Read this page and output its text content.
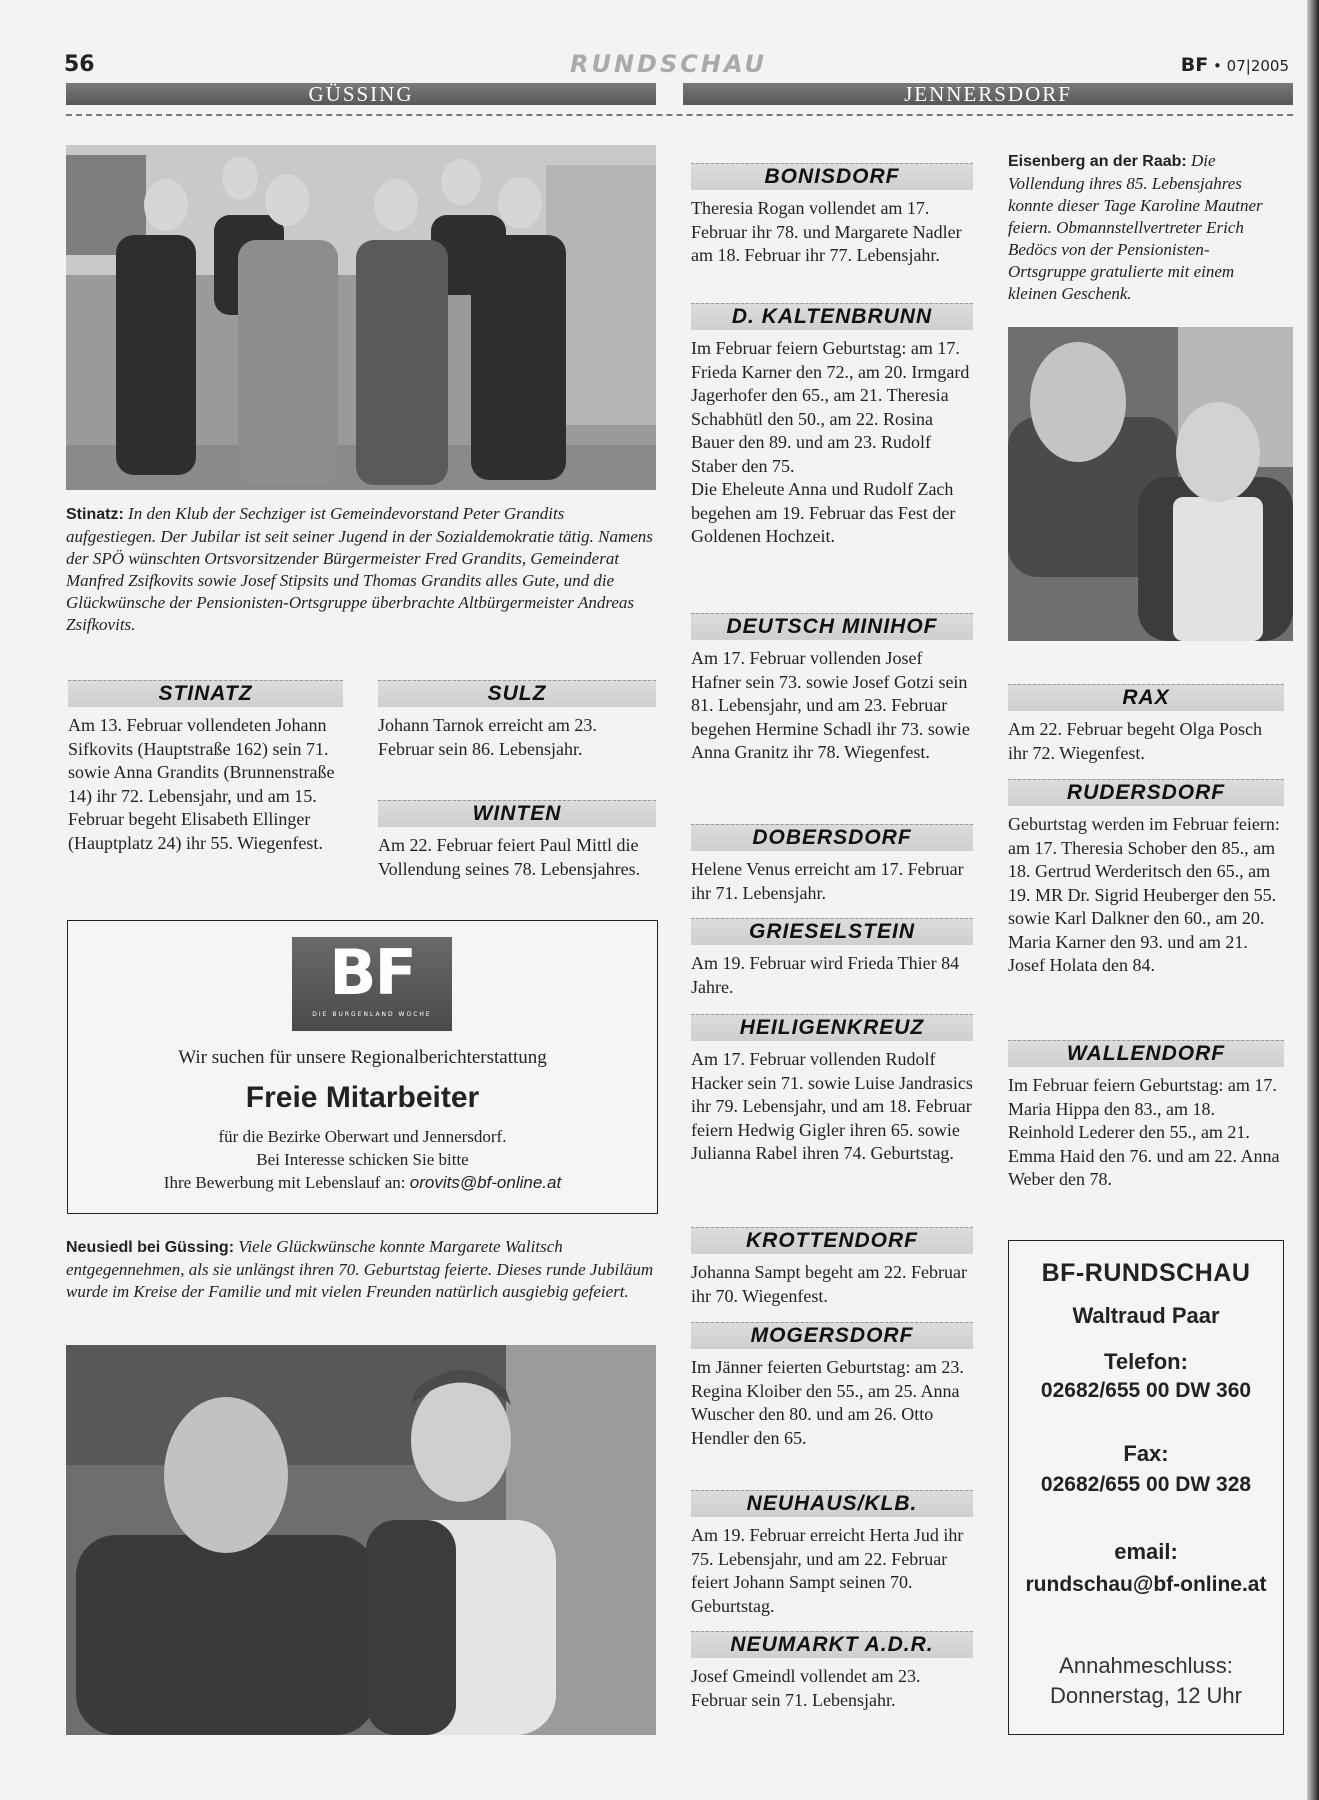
56	RUNDSCHAU	BF • 07|2005
GÜSSING	JENNERSDORF
Stinatz: In den Klub der Sechziger ist Gemeindevorstand Peter Grandits aufgestiegen. Der Jubilar ist seit seiner Jugend in der Sozialdemokratie tätig. Namens der SPÖ wünschten Ortsvorsitzender Bürgermeister Fred Grandits, Gemeinderat Manfred Zsifkovits sowie Josef Stipsits und Thomas Grandits alles Gute, und die Glückwünsche der Pensionisten-Ortsgruppe überbrachte Altbürgermeister Andreas Zsifkovits.
STINATZ
Am 13. Februar vollendeten Johann Sifkovits (Hauptstraße 162) sein 71. sowie Anna Grandits (Brunnenstraße 14) ihr 72. Lebensjahr, und am 15. Februar begeht Elisabeth Ellinger (Hauptplatz 24) ihr 55. Wiegenfest.
SULZ
Johann Tarnok erreicht am 23. Februar sein 86. Lebensjahr.
WINTEN
Am 22. Februar feiert Paul Mittl die Vollendung seines 78. Lebensjahres.
BF
DIE BURGENLAND WOCHE
Wir suchen für unsere Regionalberichterstattung
Freie Mitarbeiter
für die Bezirke Oberwart und Jennersdorf.
Bei Interesse schicken Sie bitte
Ihre Bewerbung mit Lebenslauf an: orovits@bf-online.at
Neusiedl bei Güssing: Viele Glückwünsche konnte Margarete Walitsch entgegennehmen, als sie unlängst ihren 70. Geburtstag feierte. Dieses runde Jubiläum wurde im Kreise der Familie und mit vielen Freunden natürlich ausgiebig gefeiert.
BONISDORF
Theresia Rogan vollendet am 17. Februar ihr 78. und Margarete Nadler am 18. Februar ihr 77. Lebensjahr.
D. KALTENBRUNN
Im Februar feiern Geburtstag: am 17. Frieda Karner den 72., am 20. Irmgard Jagerhofer den 65., am 21. Theresia Schabhütl den 50., am 22. Rosina Bauer den 89. und am 23. Rudolf Staber den 75.
Die Eheleute Anna und Rudolf Zach begehen am 19. Februar das Fest der Goldenen Hochzeit.
DEUTSCH MINIHOF
Am 17. Februar vollenden Josef Hafner sein 73. sowie Josef Gotzi sein 81. Lebensjahr, und am 23. Februar begehen Hermine Schadl ihr 73. sowie Anna Granitz ihr 78. Wiegenfest.
DOBERSDORF
Helene Venus erreicht am 17. Februar ihr 71. Lebensjahr.
GRIESELSTEIN
Am 19. Februar wird Frieda Thier 84 Jahre.
HEILIGENKREUZ
Am 17. Februar vollenden Rudolf Hacker sein 71. sowie Luise Jandrasics ihr 79. Lebensjahr, und am 18. Februar feiern Hedwig Gigler ihren 65. sowie Julianna Rabel ihren 74. Geburtstag.
KROTTENDORF
Johanna Sampt begeht am 22. Februar ihr 70. Wiegenfest.
MOGERSDORF
Im Jänner feierten Geburtstag: am 23. Regina Kloiber den 55., am 25. Anna Wuscher den 80. und am 26. Otto Hendler den 65.
NEUHAUS/KLB.
Am 19. Februar erreicht Herta Jud ihr 75. Lebensjahr, und am 22. Februar feiert Johann Sampt seinen 70. Geburtstag.
NEUMARKT A.D.R.
Josef Gmeindl vollendet am 23. Februar sein 71. Lebensjahr.
Eisenberg an der Raab: Die Vollendung ihres 85. Lebensjahres konnte dieser Tage Karoline Mautner feiern. Obmannstellvertreter Erich Bedöcs von der Pensionisten-Ortsgruppe gratulierte mit einem kleinen Geschenk.
RAX
Am 22. Februar begeht Olga Posch ihr 72. Wiegenfest.
RUDERSDORF
Geburtstag werden im Februar feiern: am 17. Theresia Schober den 85., am 18. Gertrud Werderitsch den 65., am 19. MR Dr. Sigrid Heuberger den 55. sowie Karl Dalkner den 60., am 20. Maria Karner den 93. und am 21. Josef Holata den 84.
WALLENDORF
Im Februar feiern Geburtstag: am 17. Maria Hippa den 83., am 18. Reinhold Lederer den 55., am 21. Emma Haid den 76. und am 22. Anna Weber den 78.
BF-RUNDSCHAU
Waltraud Paar
Telefon:
02682/655 00 DW 360
Fax:
02682/655 00 DW 328
email:
rundschau@bf-online.at
Annahmeschluss:
Donnerstag, 12 Uhr
